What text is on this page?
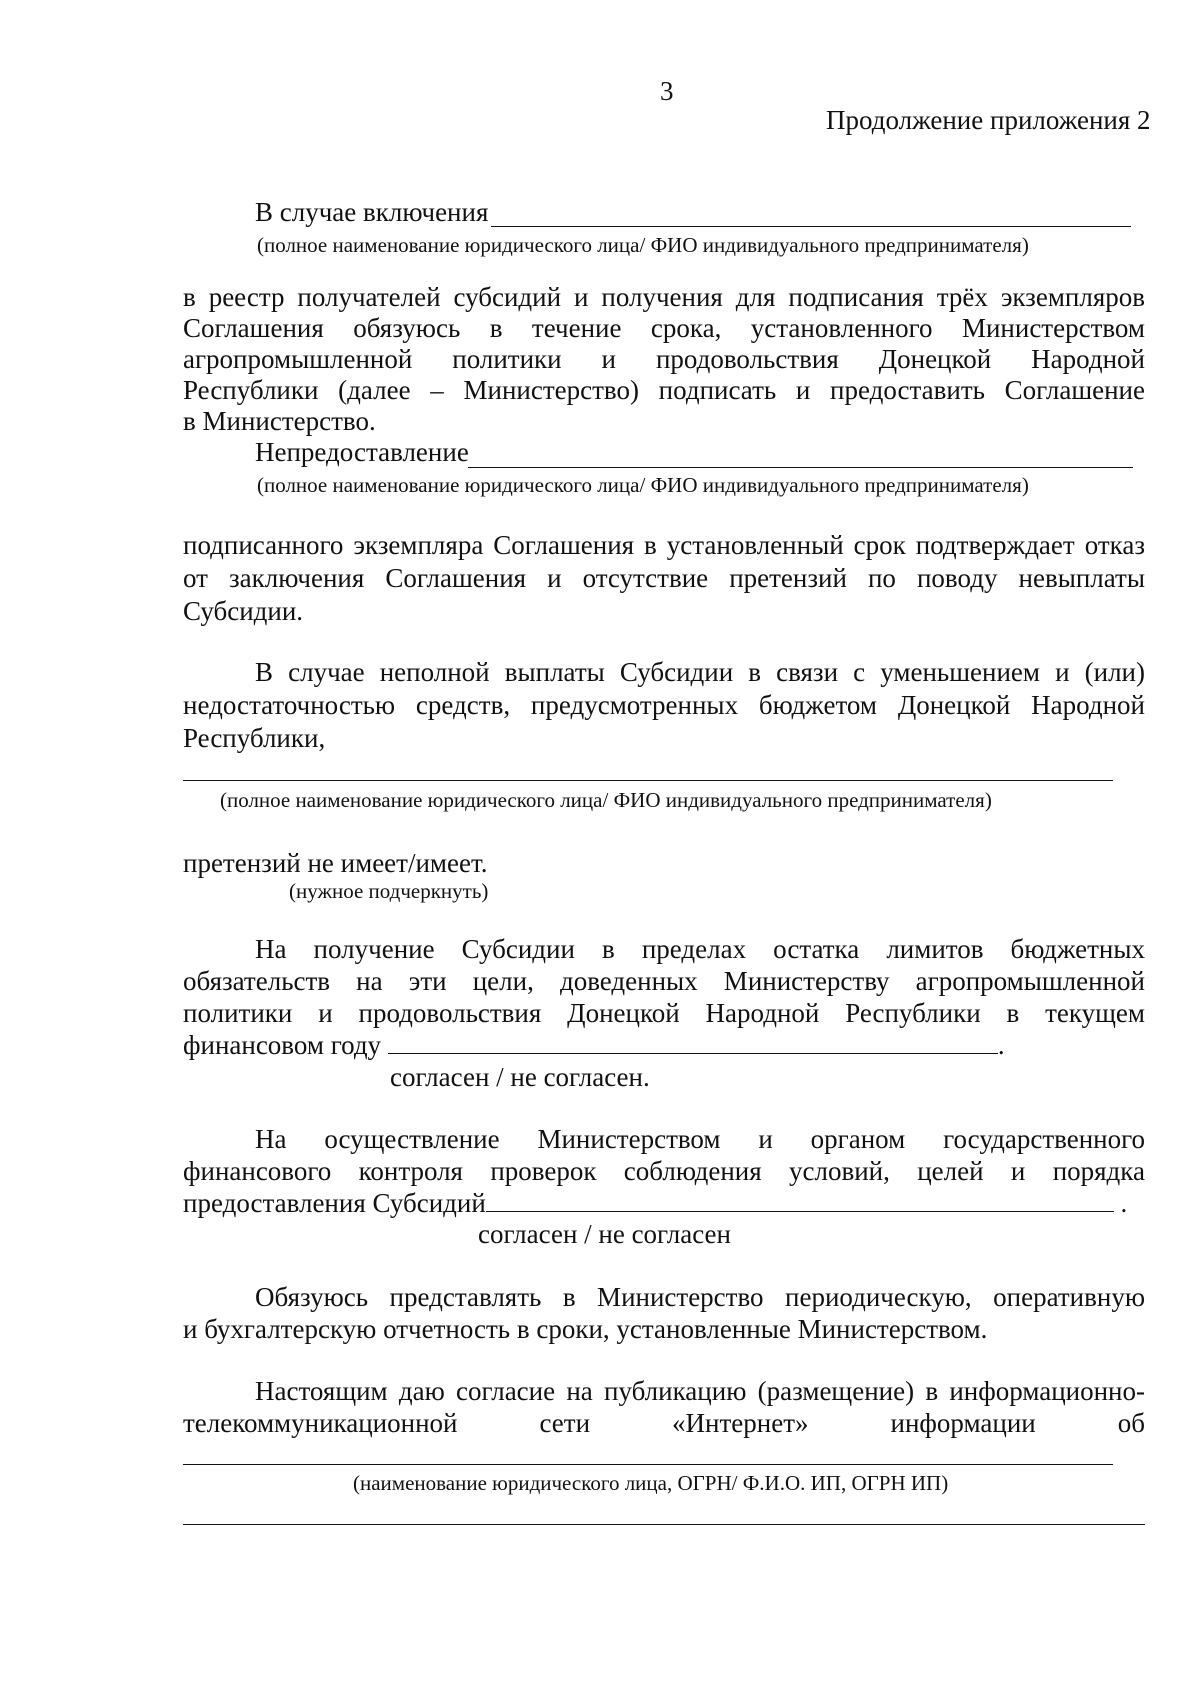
3
Продолжение приложения 2
В случае включения
(полное наименование юридического лица/ ФИО индивидуального предпринимателя)
в реестр получателей субсидий и получения для подписания трёх экземпляров
Соглашения обязуюсь в течение срока, установленного Министерством
агропромышленной политики и продовольствия Донецкой Народной
Республики (далее – Министерство) подписать и предоставить Соглашение
в Министерство.
Непредоставление
(полное наименование юридического лица/ ФИО индивидуального предпринимателя)
подписанного экземпляра Соглашения в установленный срок подтверждает отказ
от заключения Соглашения и отсутствие претензий по поводу невыплаты
Субсидии.
В случае неполной выплаты Субсидии в связи с уменьшением и (или)
недостаточностью средств, предусмотренных бюджетом Донецкой Народной
Республики,
(полное наименование юридического лица/ ФИО индивидуального предпринимателя)
претензий не имеет/имеет.
(нужное подчеркнуть)
На получение Субсидии в пределах остатка лимитов бюджетных
обязательств на эти цели, доведенных Министерству агропромышленной
политики и продовольствия Донецкой Народной Республики в текущем
финансовом году	.
согласен / не согласен.
На осуществление Министерством и органом государственного
финансового контроля проверок соблюдения условий, целей и порядка
предоставления Субсидий	.
согласен / не согласен
Обязуюсь представлять в Министерство периодическую, оперативную
и бухгалтерскую отчетность в сроки, установленные Министерством.
Настоящим даю согласие на публикацию (размещение) в информационно-
телекоммуникационной сети «Интернет» информации об
(наименование юридического лица, ОГРН/ Ф.И.О. ИП, ОГРН ИП)
